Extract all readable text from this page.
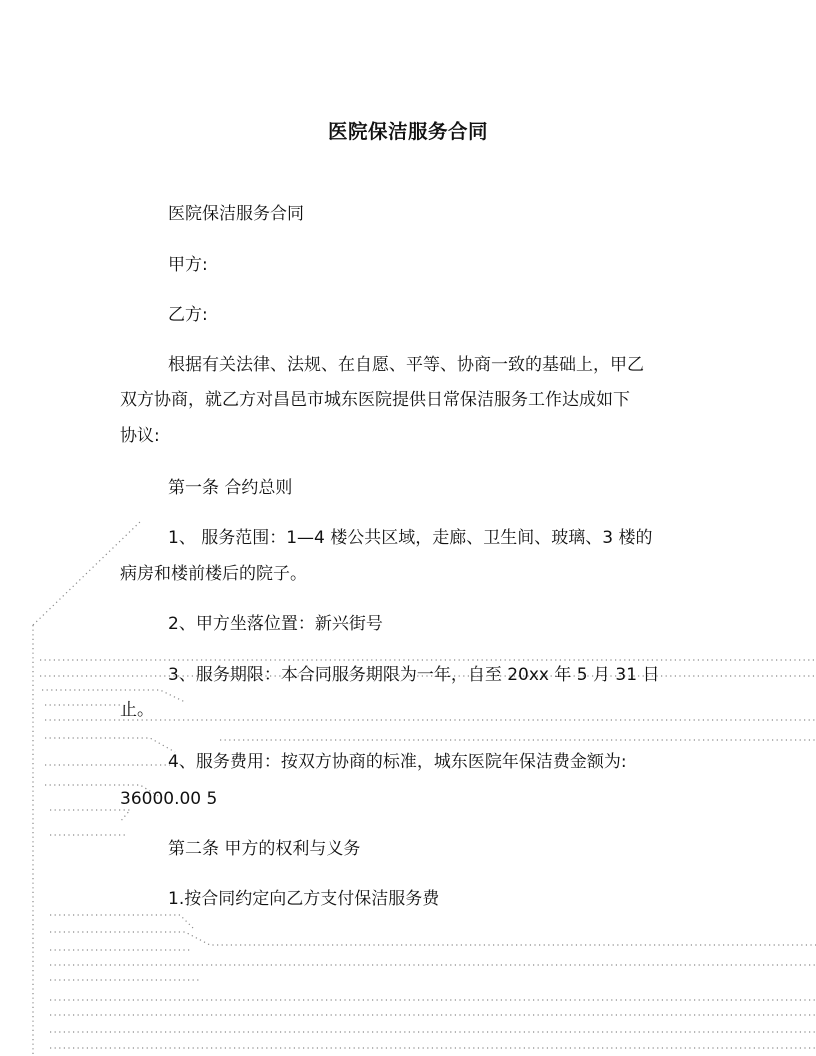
医院保洁服务合同
医院保洁服务合同
甲方:
乙方:
根据有关法律、法规、在自愿、平等、协商一致的基础上，甲乙
双方协商，就乙方对昌邑市城东医院提供日常保洁服务工作达成如下
协议:
第一条 合约总则
1、 服务范围：1—4 楼公共区域，走廊、卫生间、玻璃、3 楼的
病房和楼前楼后的院子。
2、甲方坐落位置：新兴街号
3、服务期限：本合同服务期限为一年，自至 20xx 年 5 月 31 日
止。
4、服务费用：按双方协商的标准，城东医院年保洁费金额为:
36000.00 5
第二条 甲方的权利与义务
1.按合同约定向乙方支付保洁服务费
